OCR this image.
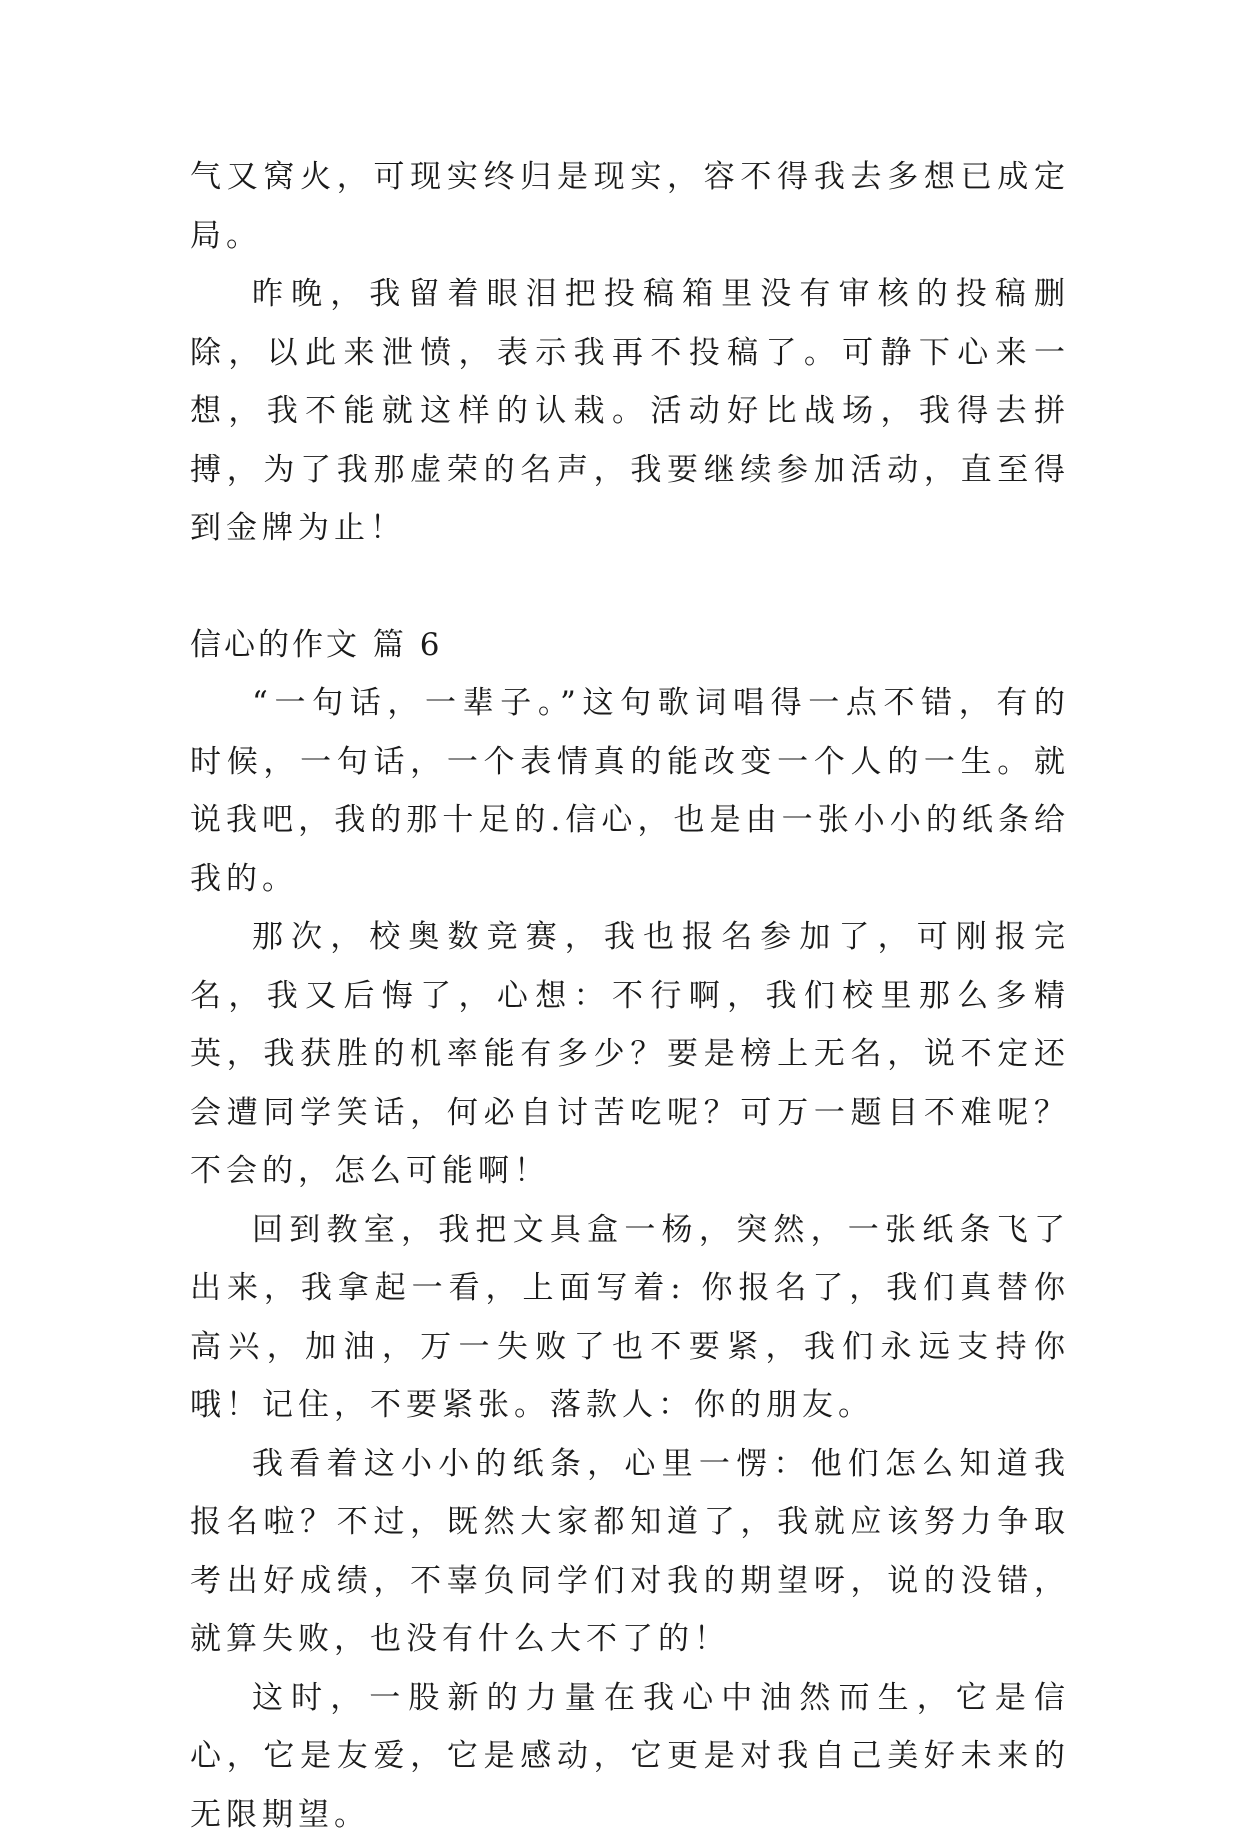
气又窝火，可现实终归是现实，容不得我去多想已成定局。

昨晚，我留着眼泪把投稿箱里没有审核的投稿删除，以此来泄愤，表示我再不投稿了。可静下心来一想，我不能就这样的认栽。活动好比战场，我得去拼搏，为了我那虚荣的名声，我要继续参加活动，直至得到金牌为止！

信心的作文 篇 6

“一句话，一辈子。”这句歌词唱得一点不错，有的时候，一句话，一个表情真的能改变一个人的一生。就说我吧，我的那十足的.信心，也是由一张小小的纸条给我的。

那次，校奥数竞赛，我也报名参加了，可刚报完名，我又后悔了，心想：不行啊，我们校里那么多精英，我获胜的机率能有多少？要是榜上无名，说不定还会遭同学笑话，何必自讨苦吃呢？可万一题目不难呢？不会的，怎么可能啊！

回到教室，我把文具盒一杨，突然，一张纸条飞了出来，我拿起一看，上面写着: 你报名了，我们真替你高兴，加油，万一失败了也不要紧，我们永远支持你哦！记住，不要紧张。落款人：你的朋友。

我看着这小小的纸条，心里一愣：他们怎么知道我报名啦？不过，既然大家都知道了，我就应该努力争取考出好成绩，不辜负同学们对我的期望呀，说的没错，就算失败，也没有什么大不了的！

这时，一股新的力量在我心中油然而生，它是信心，它是友爱，它是感动，它更是对我自己美好未来的无限期望。
